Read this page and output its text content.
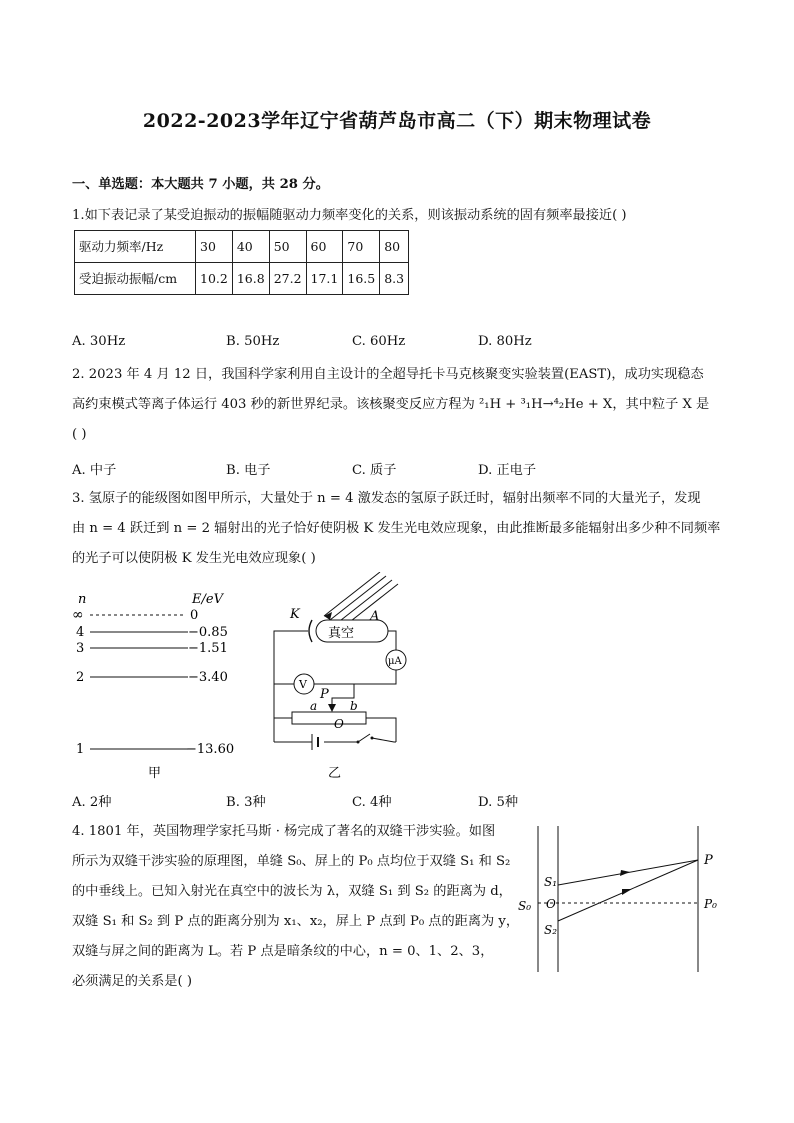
2022-2023学年辽宁省葫芦岛市高二（下）期末物理试卷
一、单选题：本大题共 7 小题，共 28 分。
1.如下表记录了某受迫振动的振幅随驱动力频率变化的关系，则该振动系统的固有频率最接近( )
驱动力频率/Hz	30	40	50	60	70	80
受迫振动振幅/cm	10.2	16.8	27.2	17.1	16.5	8.3
A. 30Hz	B. 50Hz	C. 60Hz	D. 80Hz
2. 2023 年 4 月 12 日，我国科学家利用自主设计的全超导托卡马克核聚变实验装置(EAST)，成功实现稳态
高约束模式等离子体运行 403 秒的新世界纪录。该核聚变反应方程为 ²₁H + ³₁H→⁴₂He + X，其中粒子 X 是
( )
A. 中子	B. 电子	C. 质子	D. 正电子
3. 氢原子的能级图如图甲所示，大量处于 n = 4 激发态的氢原子跃迁时，辐射出频率不同的大量光子，发现
由 n = 4 跃迁到 n = 2 辐射出的光子恰好使阴极 K 发生光电效应现象，由此推断最多能辐射出多少种不同频率
的光子可以使阴极 K 发生光电效应现象( )
n	E/eV
∞	0
4	−0.85
3	−1.51
2	−3.40
1	−13.60
甲
K	A
真空
μA
V
P
a	b
O
乙
A. 2种	B. 3种	C. 4种	D. 5种
4. 1801 年，英国物理学家托马斯 · 杨完成了著名的双缝干涉实验。如图
所示为双缝干涉实验的原理图，单缝 S₀、屏上的 P₀ 点均位于双缝 S₁ 和 S₂
的中垂线上。已知入射光在真空中的波长为 λ，双缝 S₁ 到 S₂ 的距离为 d，
双缝 S₁ 和 S₂ 到 P 点的距离分别为 x₁、x₂，屏上 P 点到 P₀ 点的距离为 y，
双缝与屏之间的距离为 L。若 P 点是暗条纹的中心，n = 0、1、2、3，
必须满足的关系是( )
P
S₁
O	P₀
S₀
S₂
